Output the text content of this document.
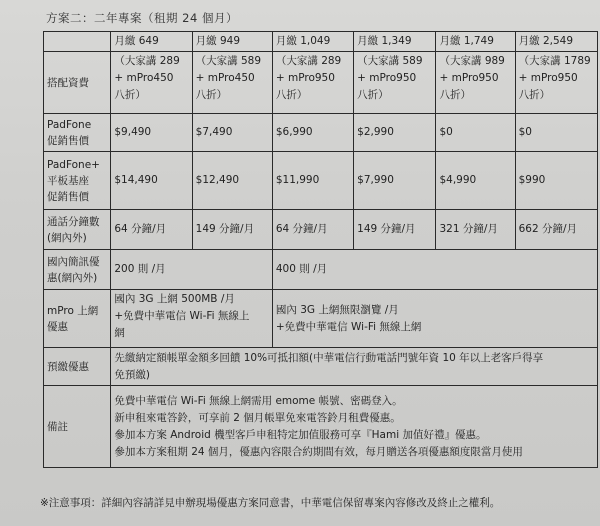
方案二：二年專案（租期 24 個月）
	月繳 649	月繳 949	月繳 1,049	月繳 1,349	月繳 1,749	月繳 2,549
搭配資費	（大家講 289
+ mPro450
八折）	（大家講 589
+ mPro450
八折）	（大家講 289
+ mPro950
八折）	（大家講 589
+ mPro950
八折）	（大家講 989
+ mPro950
八折）	（大家講 1789
+ mPro950
八折）

PadFone
促銷售價	$9,490	$7,490	$6,990	$2,990	$0	$0

PadFone+
平板基座
促銷售價	$14,490	$12,490	$11,990	$7,990	$4,990	$990

通話分鐘數
(網內外)	64 分鐘/月	149 分鐘/月	64 分鐘/月	149 分鐘/月	321 分鐘/月	662 分鐘/月

國內簡訊優
惠(網內外)	200 則 /月		400 則 /月			

mPro 上網
優惠	國內 3G 上網 500MB /月
+免費中華電信 Wi-Fi 無線上
網		國內 3G 上網無限瀏覽 /月
+免費中華電信 Wi-Fi 無線上網			

預繳優惠	先繳納定額帳單金額多回饋 10%可抵扣額(中華電信行動電話門號年資 10 年以上老客戶得享
免預繳)					

備註	免費中華電信 Wi-Fi 無線上網需用 emome 帳號、密碼登入。
新申租來電答鈴，可享前 2 個月帳單免來電答鈴月租費優惠。
參加本方案 Android 機型客戶申租特定加值服務可享『Hami 加值好禮』優惠。
參加本方案租期 24 個月，優惠內容限合約期間有效，每月贈送各項優惠額度限當月使用					
※注意事項：詳細內容請詳見申辦現場優惠方案同意書，中華電信保留專案內容修改及終止之權利。
